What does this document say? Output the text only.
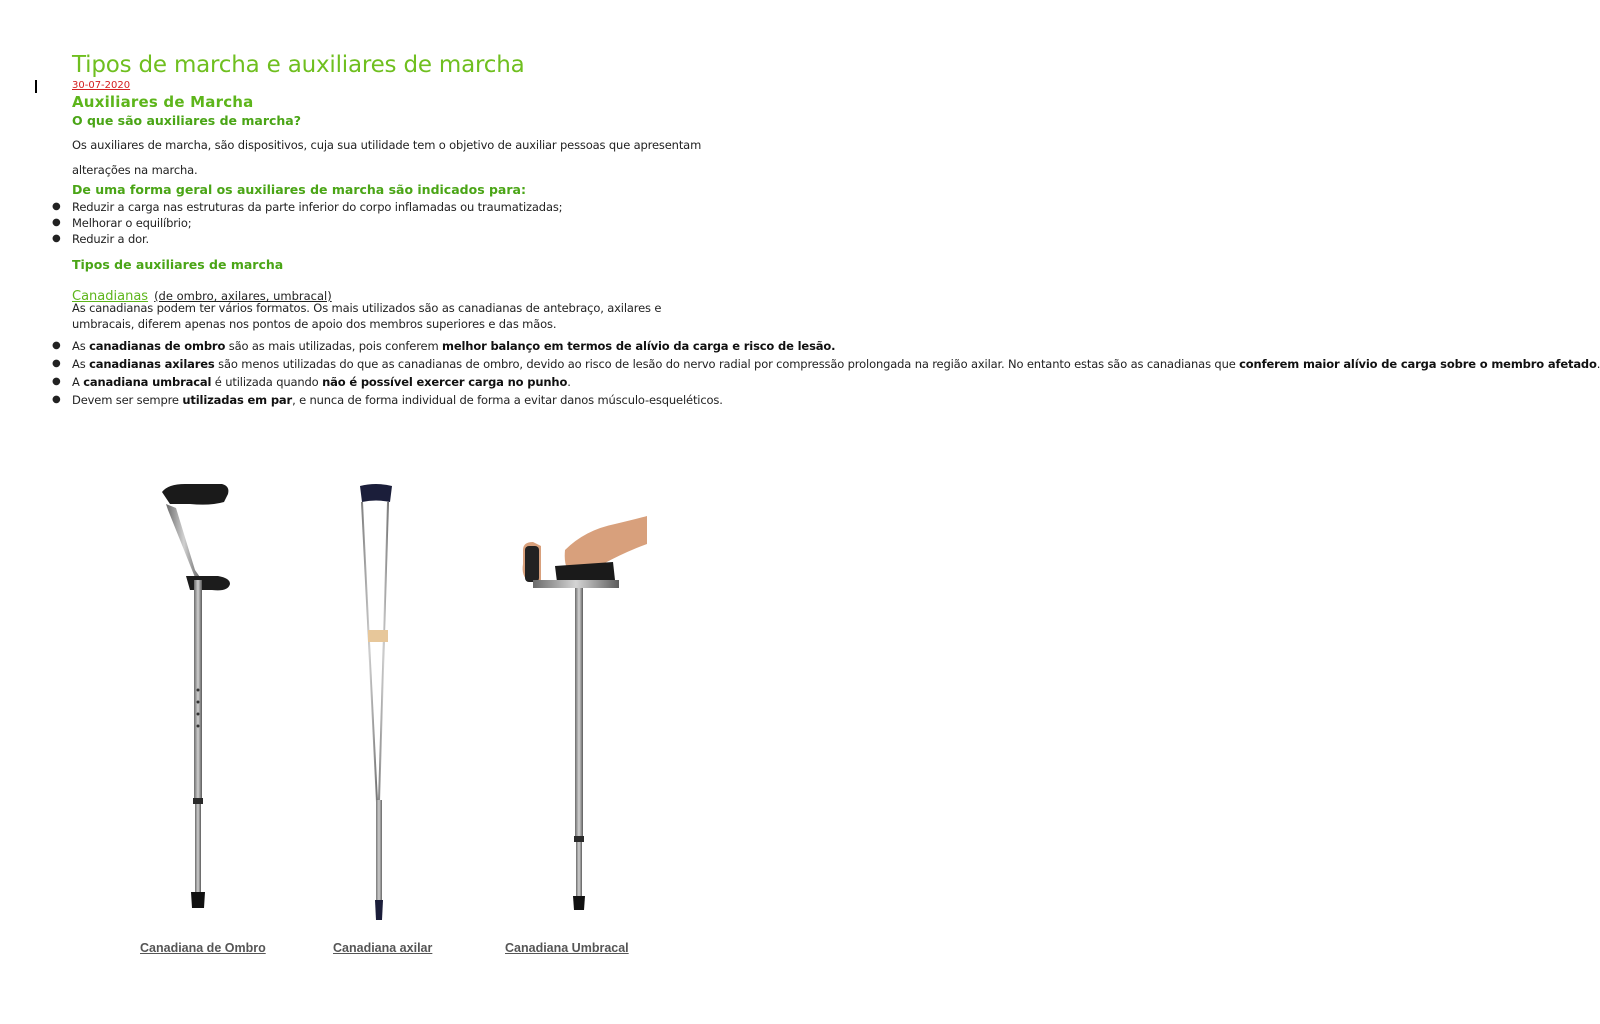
Tipos de marcha e auxiliares de marcha
30-07-2020
Auxiliares de Marcha
O que são auxiliares de marcha?
Os auxiliares de marcha, são dispositivos, cuja sua utilidade tem o objetivo de auxiliar pessoas que apresentam
alterações na marcha.
De uma forma geral os auxiliares de marcha são indicados para:
● Reduzir a carga nas estruturas da parte inferior do corpo inflamadas ou traumatizadas;
● Melhorar o equilíbrio;
● Reduzir a dor.
Tipos de auxiliares de marcha
Canadianas (de ombro, axilares, umbracal)
As canadianas podem ter vários formatos. Os mais utilizados são as canadianas de antebraço, axilares e umbracais, diferem apenas nos pontos de apoio dos membros superiores e das mãos.
● As canadianas de ombro são as mais utilizadas, pois conferem melhor balanço em termos de alívio da carga e risco de lesão.
● As canadianas axilares são menos utilizadas do que as canadianas de ombro, devido ao risco de lesão do nervo radial por compressão prolongada na região axilar. No entanto estas são as canadianas que conferem maior alívio de carga sobre o membro afetado.
● A canadiana umbracal é utilizada quando não é possível exercer carga no punho.
● Devem ser sempre utilizadas em par, e nunca de forma individual de forma a evitar danos músculo-esqueléticos.
Canadiana de Ombro	Canadiana axilar	Canadiana Umbracal
